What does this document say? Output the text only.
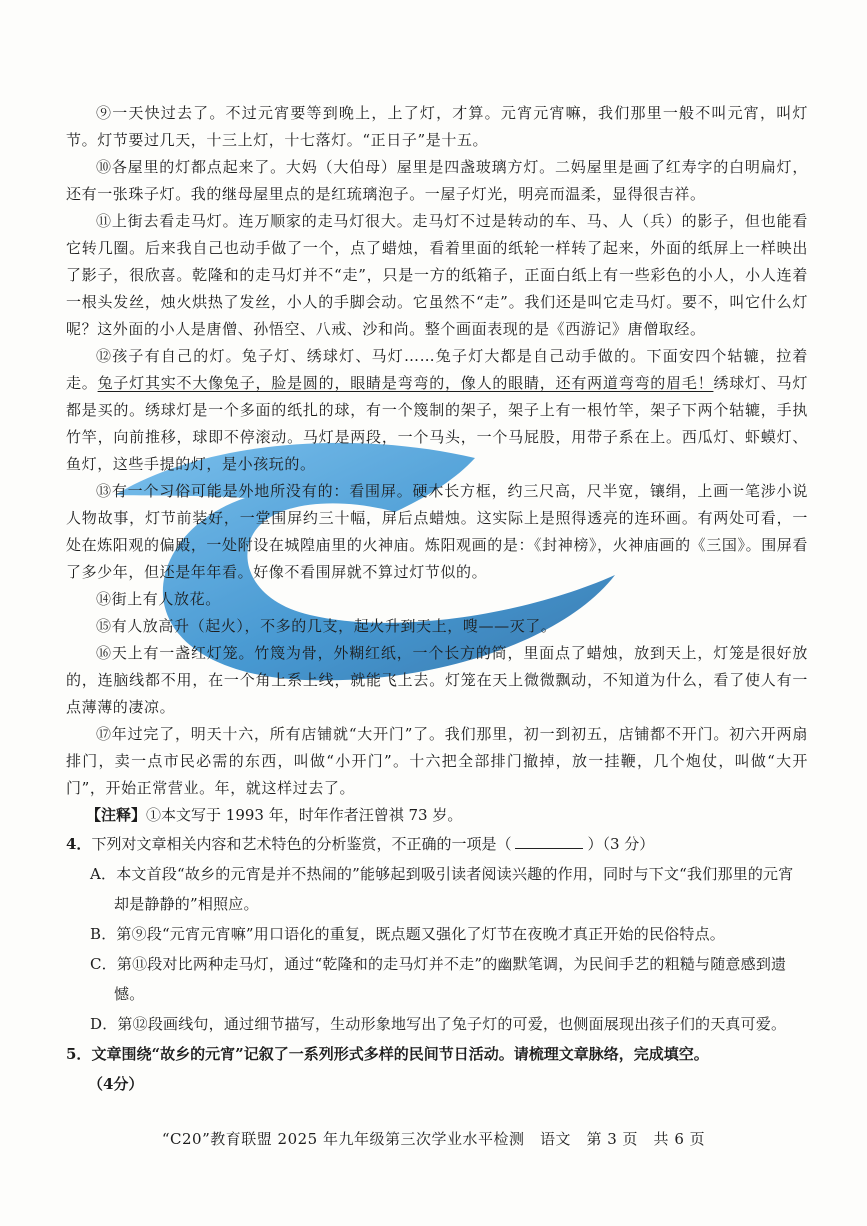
⑨一天快过去了。不过元宵要等到晚上，上了灯，才算。元宵元宵嘛，我们那里一般不叫元宵，叫灯节。灯节要过几天，十三上灯，十七落灯。“正日子”是十五。

⑩各屋里的灯都点起来了。大妈（大伯母）屋里是四盏玻璃方灯。二妈屋里是画了红寿字的白明扁灯，还有一张珠子灯。我的继母屋里点的是红琉璃泡子。一屋子灯光，明亮而温柔，显得很吉祥。

⑪上街去看走马灯。连万顺家的走马灯很大。走马灯不过是转动的车、马、人（兵）的影子，但也能看它转几圈。后来我自己也动手做了一个，点了蜡烛，看着里面的纸轮一样转了起来，外面的纸屏上一样映出了影子，很欣喜。乾隆和的走马灯并不“走”，只是一方的纸箱子，正面白纸上有一些彩色的小人，小人连着一根头发丝，烛火烘热了发丝，小人的手脚会动。它虽然不“走”。我们还是叫它走马灯。要不，叫它什么灯呢？这外面的小人是唐僧、孙悟空、八戒、沙和尚。整个画面表现的是《西游记》唐僧取经。

⑫孩子有自己的灯。兔子灯、绣球灯、马灯……兔子灯大都是自己动手做的。下面安四个轱辘，拉着走。兔子灯其实不大像兔子，脸是圆的，眼睛是弯弯的，像人的眼睛，还有两道弯弯的眉毛！绣球灯、马灯都是买的。绣球灯是一个多面的纸扎的球，有一个篾制的架子，架子上有一根竹竿，架子下两个轱辘，手执竹竿，向前推移，球即不停滚动。马灯是两段，一个马头，一个马屁股，用带子系在上。西瓜灯、虾蟆灯、鱼灯，这些手提的灯，是小孩玩的。

⑬有一个习俗可能是外地所没有的：看围屏。硬木长方框，约三尺高，尺半宽，镶绢，上画一笔涉小说人物故事，灯节前装好，一堂围屏约三十幅，屏后点蜡烛。这实际上是照得透亮的连环画。有两处可看，一处在炼阳观的偏殿，一处附设在城隍庙里的火神庙。炼阳观画的是：《封神榜》，火神庙画的《三国》。围屏看了多少年，但还是年年看。好像不看围屏就不算过灯节似的。

⑭街上有人放花。

⑮有人放高升（起火），不多的几支，起火升到天上，嗖——灭了。

⑯天上有一盏红灯笼。竹篾为骨，外糊红纸，一个长方的筒，里面点了蜡烛，放到天上，灯笼是很好放的，连脑线都不用，在一个角上系上线，就能飞上去。灯笼在天上微微飘动，不知道为什么，看了使人有一点薄薄的凄凉。

⑰年过完了，明天十六，所有店铺就“大开门”了。我们那里，初一到初五，店铺都不开门。初六开两扇排门，卖一点市民必需的东西，叫做“小开门”。十六把全部排门撤掉，放一挂鞭，几个炮仗，叫做“大开门”，开始正常营业。年，就这样过去了。

【注释】①本文写于 1993 年，时年作者汪曾祺 73 岁。

4．下列对文章相关内容和艺术特色的分析鉴赏，不正确的一项是（	）（3 分）

A．本文首段“故乡的元宵是并不热闹的”能够起到吸引读者阅读兴趣的作用，同时与下文“我们那里的元宵却是静静的”相照应。

B．第⑨段“元宵元宵嘛”用口语化的重复，既点题又强化了灯节在夜晚才真正开始的民俗特点。

C．第⑪段对比两种走马灯，通过“乾隆和的走马灯并不走”的幽默笔调，为民间手艺的粗糙与随意感到遗憾。

D．第⑫段画线句，通过细节描写，生动形象地写出了兔子灯的可爱，也侧面展现出孩子们的天真可爱。

5．文章围绕“故乡的元宵”记叙了一系列形式多样的民间节日活动。请梳理文章脉络，完成填空。

（4分）

“C20”教育联盟 2025 年九年级第三次学业水平检测　语文　第 3 页　共 6 页
